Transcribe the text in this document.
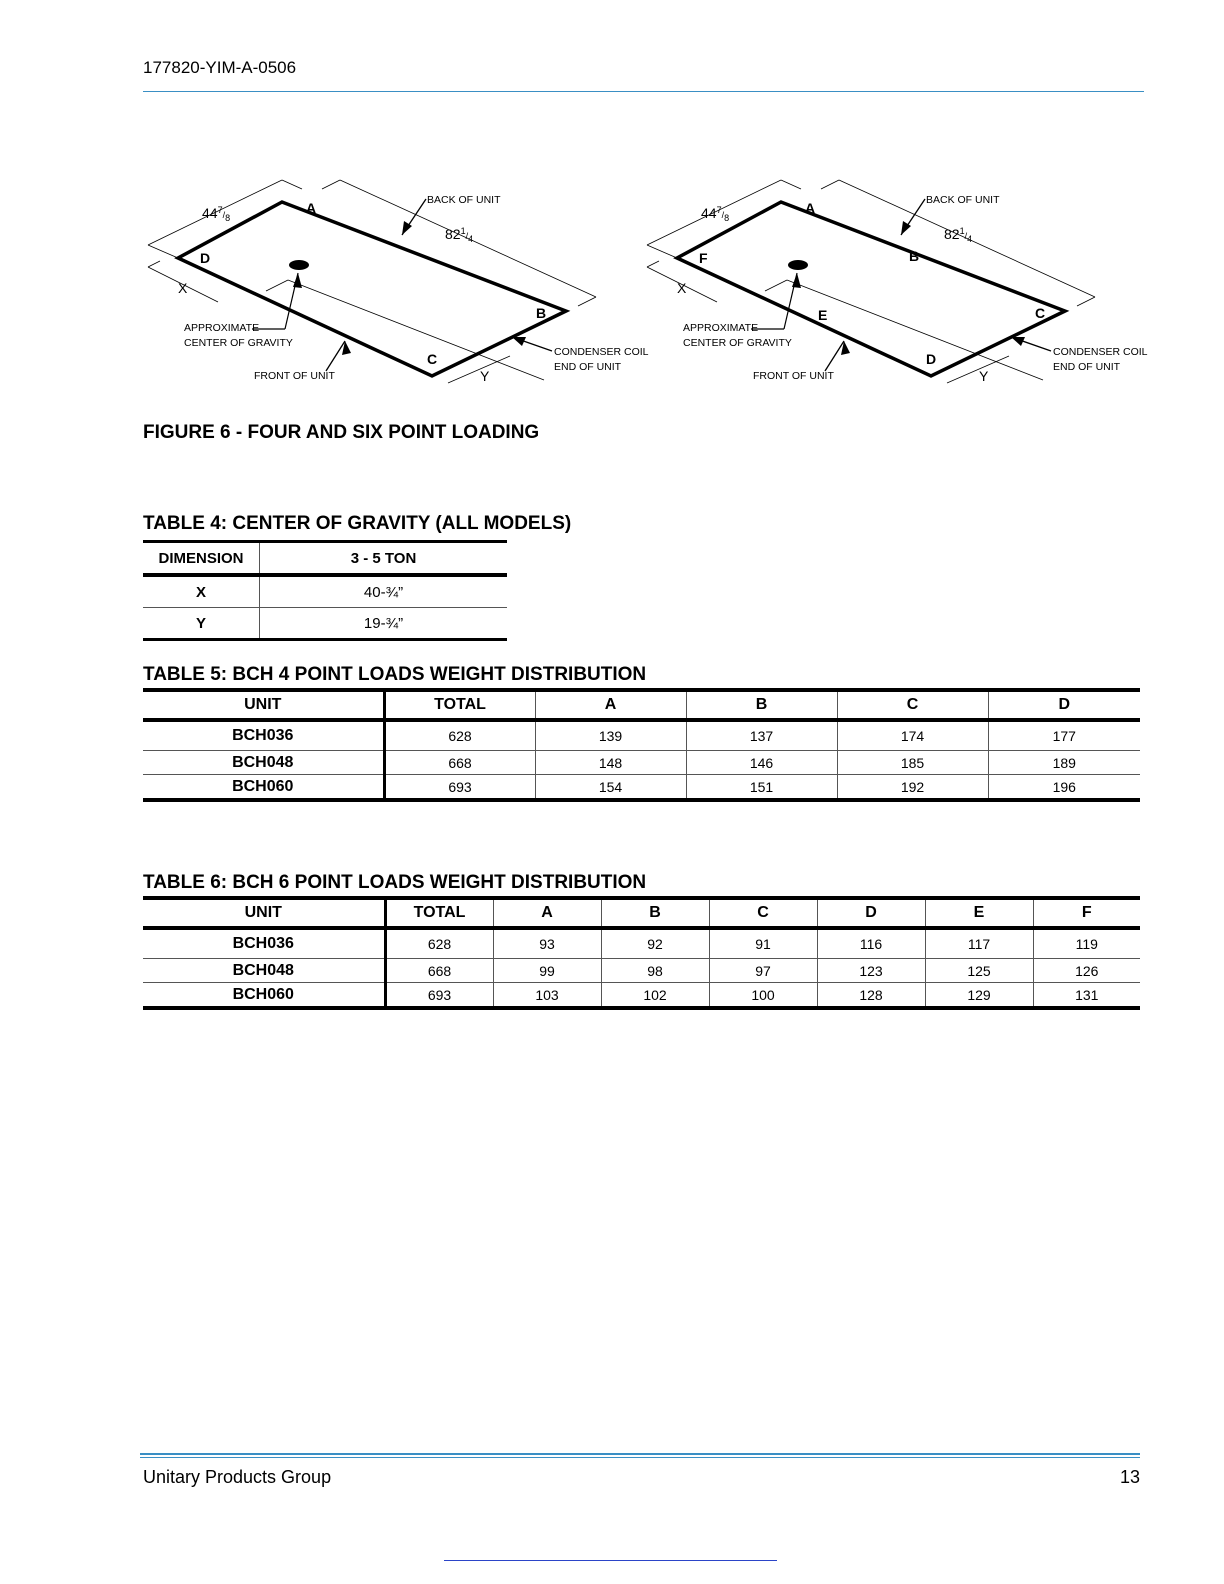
177820-YIM-A-0506
A
B
C
D
$44^7_{/8}$
$82^1_{/4}$
X
Y
BACK OF UNIT
FRONT OF UNIT
APPROXIMATE
CENTER OF GRAVITY
CONDENSER COIL
END OF UNIT
A
B
C
D
E
F
$44^7_{/8}$
$82^1_{/4}$
X
Y
BACK OF UNIT
FRONT OF UNIT
APPROXIMATE
CENTER OF GRAVITY
CONDENSER COIL
END OF UNIT
FIGURE 6 - FOUR AND SIX POINT LOADING
TABLE 4: CENTER OF GRAVITY (ALL MODELS)
DIMENSION	3 - 5 TON
X	40-¾”
Y	19-¾”
TABLE 5: BCH 4 POINT LOADS WEIGHT DISTRIBUTION
UNIT	TOTAL	A	B	C	D
BCH036	628	139	137	174	177
BCH048	668	148	146	185	189
BCH060	693	154	151	192	196
TABLE 6: BCH 6 POINT LOADS WEIGHT DISTRIBUTION
UNIT	TOTAL	A	B	C	D	E	F
BCH036	628	93	92	91	116	117	119
BCH048	668	99	98	97	123	125	126
BCH060	693	103	102	100	128	129	131
Unitary Products Group	13
